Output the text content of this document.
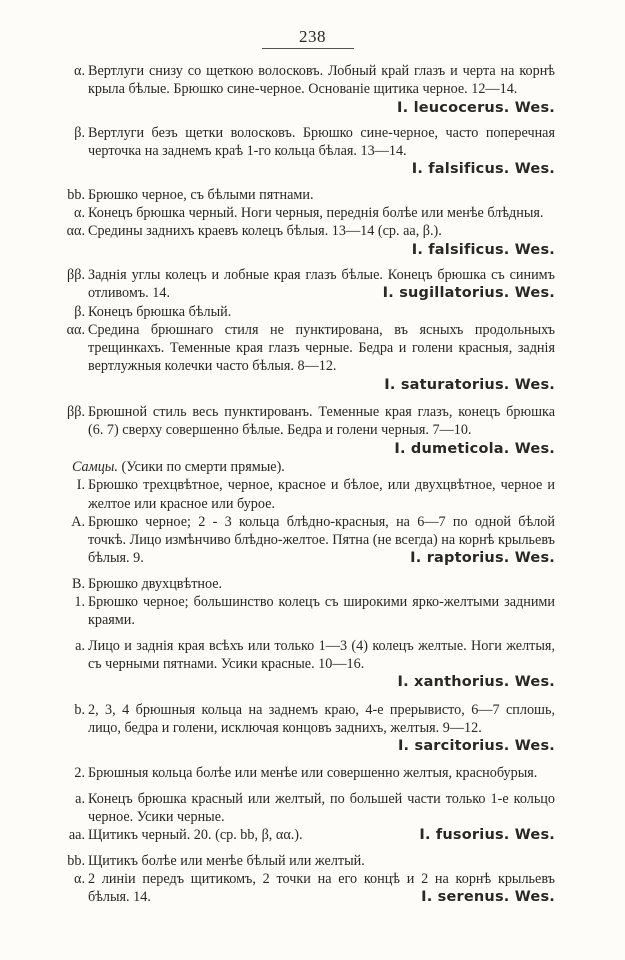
238
α. Вертлуги снизу со щеткою волосковъ. Лобный край глазъ и черта на корнѣ крыла бѣлые. Брюшко сине-черное. Основаніе щитика черное. 12—14.
I. leucocerus. Wes.
β. Вертлуги безъ щетки волосковъ. Брюшко сине-черное, часто поперечная черточка на заднемъ краѣ 1-го кольца бѣлая. 13—14.
I. falsificus. Wes.
bb. Брюшко черное, съ бѣлыми пятнами.
α. Конецъ брюшка черный. Ноги черныя, переднія болѣе или менѣе блѣдныя.
αα. Средины заднихъ краевъ колецъ бѣлыя. 13—14 (ср. аа, β.).
I. falsificus. Wes.
ββ. Заднія углы колецъ и лобные края глазъ бѣлые. Конецъ брюшка съ синимъ отливомъ. 14.	I. sugillatorius. Wes.
β. Конецъ брюшка бѣлый.
αα. Средина брюшнаго стиля не пунктирована, въ ясныхъ продольныхъ трещинкахъ. Теменные края глазъ черные. Бедра и голени красныя, заднія вертлужныя колечки часто бѣлыя. 8—12.
I. saturatorius. Wes.
ββ. Брюшной стиль весь пунктированъ. Теменные края глазъ, конецъ брюшка (6. 7) сверху совершенно бѣлые. Бедра и голени черныя. 7—10.
I. dumeticola. Wes.
Самцы. (Усики по смерти прямые).
I. Брюшко трехцвѣтное, черное, красное и бѣлое, или двухцвѣтное, черное и желтое или красное или бурое.
A. Брюшко черное; 2 - 3 кольца блѣдно-красныя, на 6—7 по одной бѣлой точкѣ. Лицо измѣнчиво блѣдно-желтое. Пятна (не всегда) на корнѣ крыльевъ бѣлыя. 9.	I. raptorius. Wes.
B. Брюшко двухцвѣтное.
1. Брюшко черное; большинство колецъ съ широкими ярко-желтыми задними краями.
a. Лицо и заднія края всѣхъ или только 1—3 (4) колецъ желтые. Ноги желтыя, съ черными пятнами. Усики красные. 10—16.
I. xanthorius. Wes.
b. 2, 3, 4 брюшныя кольца на заднемъ краю, 4-е прерывисто, 6—7 сплошь, лицо, бедра и голени, исключая концовъ заднихъ, желтыя. 9—12.
I. sarcitorius. Wes.
2. Брюшныя кольца болѣе или менѣе или совершенно желтыя, краснобурыя.
a. Конецъ брюшка красный или желтый, по большей части только 1-е кольцо черное. Усики черные.
aa. Щитикъ черный. 20. (ср. bb, β, αα.).	I. fusorius. Wes.
bb. Щитикъ болѣе или менѣе бѣлый или желтый.
α. 2 линіи передъ щитикомъ, 2 точки на его концѣ и 2 на корнѣ крыльевъ бѣлыя. 14.	I. serenus. Wes.
